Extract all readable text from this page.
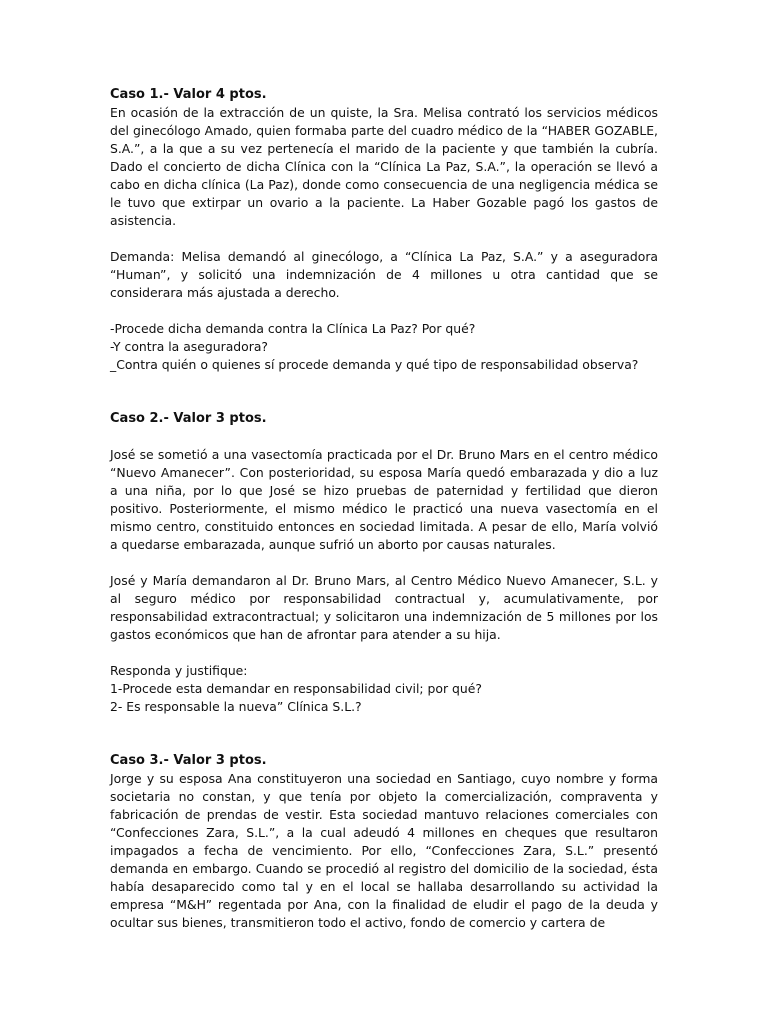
Caso 1.- Valor 4 ptos.

En ocasión de la extracción de un quiste, la Sra. Melisa contrató los servicios médicos del ginecólogo Amado, quien formaba parte del cuadro médico de la “HABER GOZABLE, S.A.”, a la que a su vez pertenecía el marido de la paciente y que también la cubría. Dado el concierto de dicha Clínica con la “Clínica La Paz, S.A.”, la operación se llevó a cabo en dicha clínica (La Paz), donde como consecuencia de una negligencia médica se le tuvo que extirpar un ovario a la paciente. La Haber Gozable pagó los gastos de asistencia.

Demanda: Melisa demandó al ginecólogo, a “Clínica La Paz, S.A.” y a aseguradora “Human”, y solicitó una indemnización de 4 millones u otra cantidad que se considerara más ajustada a derecho.

-Procede dicha demanda contra la Clínica La Paz? Por qué?

-Y contra la aseguradora?

_Contra quién o quienes sí procede demanda y qué tipo de responsabilidad observa?

Caso 2.- Valor 3 ptos.

José se sometió a una vasectomía practicada por el Dr. Bruno Mars en el centro médico “Nuevo Amanecer”. Con posterioridad, su esposa María quedó embarazada y dio a luz a una niña, por lo que José se hizo pruebas de paternidad y fertilidad que dieron positivo. Posteriormente, el mismo médico le practicó una nueva vasectomía en el mismo centro, constituido entonces en sociedad limitada. A pesar de ello, María volvió a quedarse embarazada, aunque sufrió un aborto por causas naturales.

José y María demandaron al Dr. Bruno Mars, al Centro Médico Nuevo Amanecer, S.L. y al seguro médico por responsabilidad contractual y, acumulativamente, por responsabilidad extracontractual; y solicitaron una indemnización de 5 millones por los gastos económicos que han de afrontar para atender a su hija.

Responda y justifique:

1-Procede esta demandar en responsabilidad civil; por qué?

2- Es responsable la nueva” Clínica S.L.?

Caso 3.- Valor 3 ptos.

Jorge y su esposa Ana constituyeron una sociedad en Santiago, cuyo nombre y forma societaria no constan, y que tenía por objeto la comercialización, compraventa y fabricación de prendas de vestir. Esta sociedad mantuvo relaciones comerciales con “Confecciones Zara, S.L.”, a la cual adeudó 4 millones en cheques que resultaron impagados a fecha de vencimiento. Por ello, “Confecciones Zara, S.L.” presentó demanda en embargo. Cuando se procedió al registro del domicilio de la sociedad, ésta había desaparecido como tal y en el local se hallaba desarrollando su actividad la empresa “M&H” regentada por Ana, con la finalidad de eludir el pago de la deuda y ocultar sus bienes, transmitieron todo el activo, fondo de comercio y cartera de
